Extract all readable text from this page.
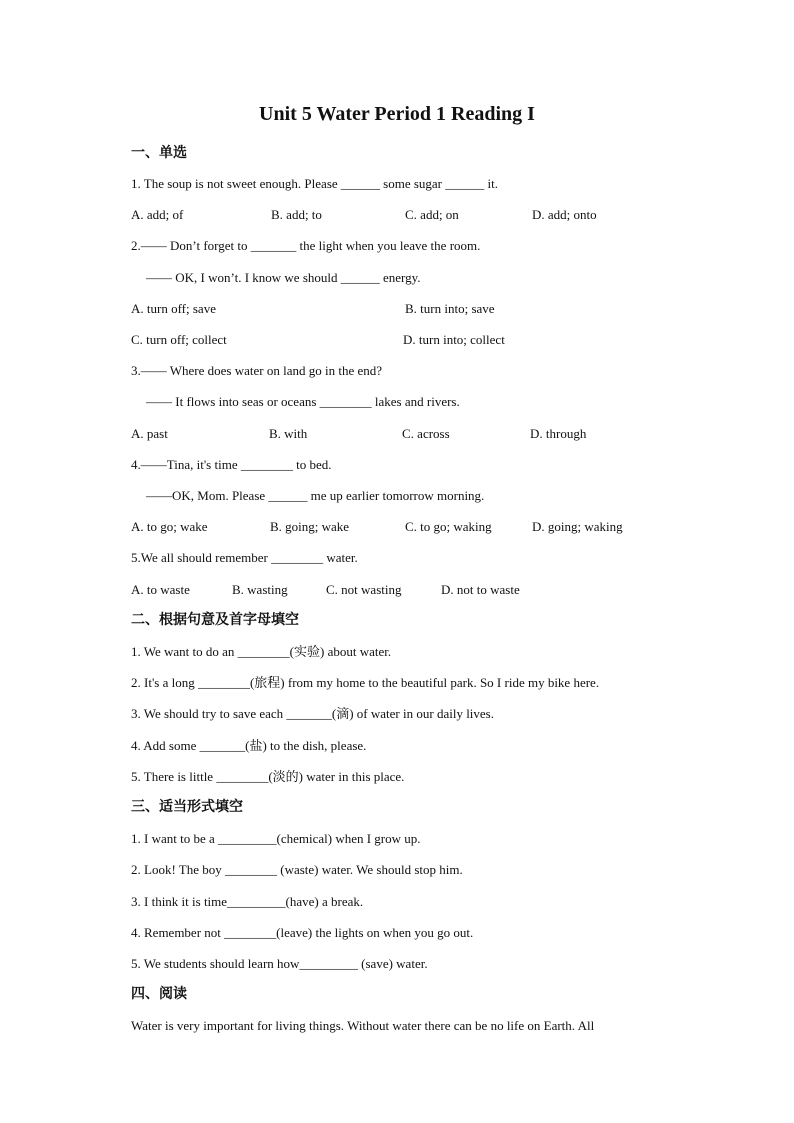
Unit 5 Water Period 1 Reading I
一、单选
1. The soup is not sweet enough. Please ______ some sugar ______ it.
A. add; of	B. add; to	C. add; on	D. add; onto
2.—— Don’t forget to _______ the light when you leave the room.
—— OK, I won’t. I know we should ______ energy.
A. turn off; save	B. turn into; save
C. turn off; collect	D. turn into; collect
3.—— Where does water on land go in the end?
—— It flows into seas or oceans ________ lakes and rivers.
A. past	B. with	C. across	D. through
4.——Tina, it's time ________ to bed.
——OK, Mom. Please ______ me up earlier tomorrow morning.
A. to go; wake	B. going; wake	C. to go; waking	D. going; waking
5.We all should remember ________ water.
A. to waste	B. wasting	C. not wasting	D. not to waste
二、根据句意及首字母填空
1. We want to do an ________(实验) about water.
2. It's a long ________(旅程) from my home to the beautiful park. So I ride my bike here.
3. We should try to save each _______(滴) of water in our daily lives.
4. Add some _______(盐) to the dish, please.
5. There is little ________(淡的) water in this place.
三、适当形式填空
1. I want to be a _________(chemical) when I grow up.
2. Look! The boy ________ (waste) water. We should stop him.
3. I think it is time_________(have) a break.
4. Remember not ________(leave) the lights on when you go out.
5. We students should learn how_________ (save) water.
四、阅读
Water is very important for living things. Without water there can be no life on Earth. All
